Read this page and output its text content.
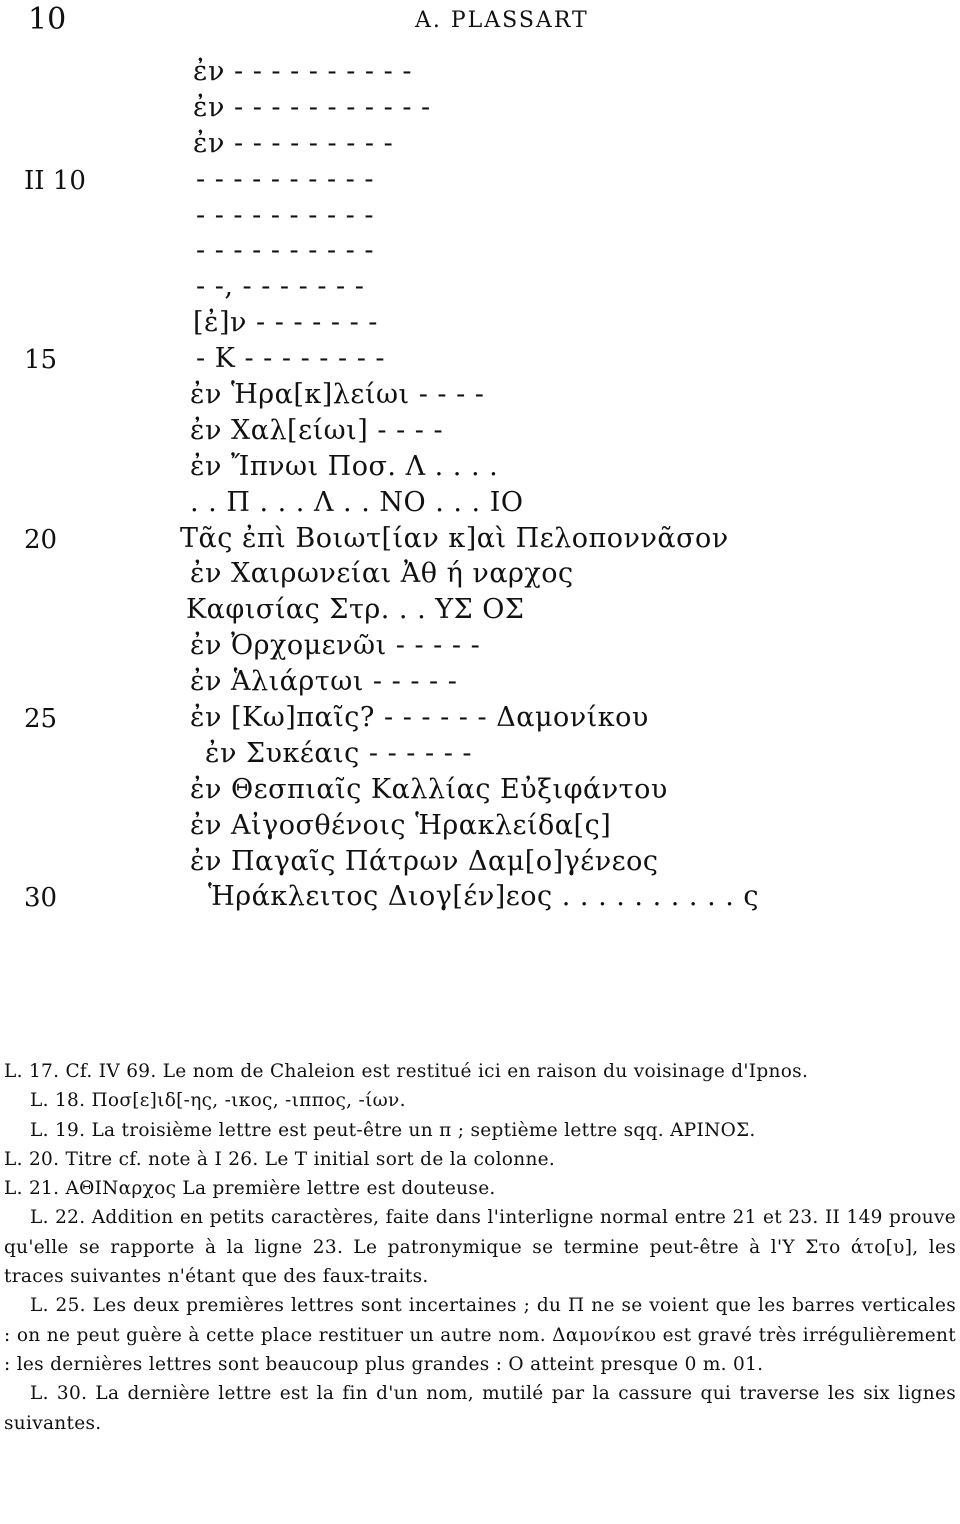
10	A. PLASSART
ἐν - - - - - - - - - -
ἐν - - - - - - - - - - -
ἐν - - - - - - - - -
II 10	- - - - - - - - - -
- - - - - - - - - -
- - - - - - - - - -
- -, - - - - - - -
[ἐ]ν - - - - - - -
15	- Κ - - - - - - - -
ἐν Ἡρα[κ]λείωι - - - -
ἐν Χαλ[είωι] - - - -
ἐν Ἴπνωι Ποσ. Λ . . . .
. . Π . . . Λ . . ΝΟ . . . ΙΟ
20	Τᾶς ἐπὶ Βοιωτ[ίαν κ]αὶ Πελοποννᾶσον
ἐν Χαιρωνείαι Ἀθ ή ναρχος
Καφισίας Στρ. . . ΥΣ ΟΣ
ἐν Ὀρχομενῶι - - - - -
ἐν Ἁλιάρτωι - - - - -
25	ἐν [Κω]παῖς? - - - - - - Δαμονίκου
ἐν Συκέαις - - - - - -
ἐν Θεσπιαῖς Καλλίας Εὐξιφάντου
ἐν Αἰγοσθένοις Ἡρακλείδα[ς]
ἐν Παγαῖς Πάτρων Δαμ[ο]γένεος
30	Ἡράκλειτος Διογ[έν]εος . . . . . . . . . . ς

L. 17. Cf. IV 69. Le nom de Chaleion est restitué ici en raison du voisinage d'Ipnos.

L. 18. Ποσ[ε]ιδ[-ης, -ικος, -ιππος, -ίων.

L. 19. La troisième lettre est peut-être un π ; septième lettre sqq. ΑΡΙΝΟΣ.

L. 20. Titre cf. note à I 26. Le Τ initial sort de la colonne.

L. 21. ΑΘΙΝαρχος La première lettre est douteuse.

L. 22. Addition en petits caractères, faite dans l'interligne normal entre 21 et 23. II 149 prouve qu'elle se rapporte à la ligne 23. Le patronymique se termine peut-être à l'Υ Στο άτο[υ], les traces suivantes n'étant que des faux-traits.

L. 25. Les deux premières lettres sont incertaines ; du Π ne se voient que les barres verticales : on ne peut guère à cette place restituer un autre nom. Δαμονίκου est gravé très irrégulièrement : les dernières lettres sont beaucoup plus grandes : Ο atteint presque 0 m. 01.

L. 30. La dernière lettre est la fin d'un nom, mutilé par la cassure qui traverse les six lignes suivantes.
